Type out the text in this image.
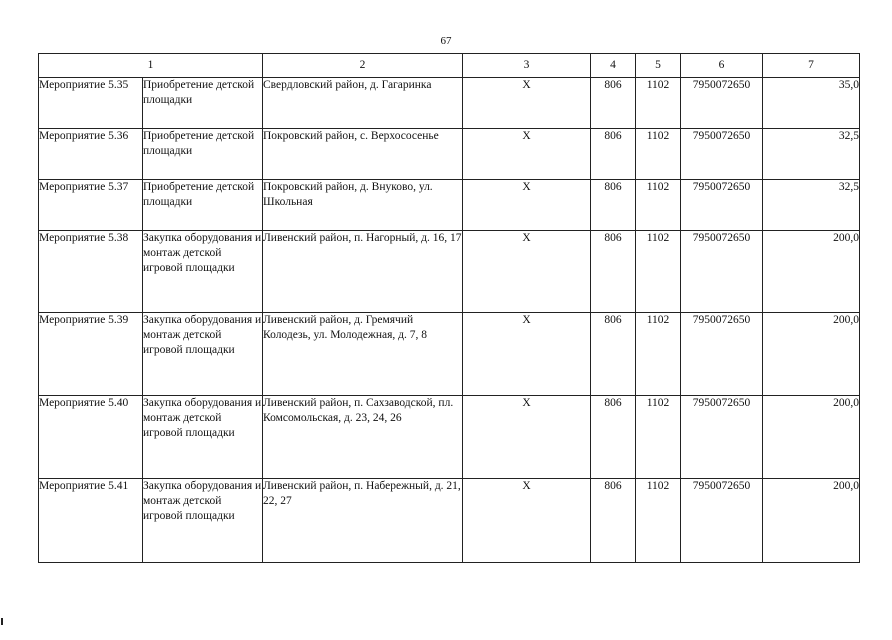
67
1		2	3	4	5	6	7
Мероприятие 5.35	Приобретение детской площадки	Свердловский район, д. Гагаринка	Х	806	1102	7950072650	35,0
Мероприятие 5.36	Приобретение детской площадки	Покровский район, с. Верхососенье	Х	806	1102	7950072650	32,5
Мероприятие 5.37	Приобретение детской площадки	Покровский район, д. Внуково, ул. Школьная	Х	806	1102	7950072650	32,5
Мероприятие 5.38	Закупка оборудования и монтаж детской игровой площадки	Ливенский район, п. Нагорный, д. 16, 17	Х	806	1102	7950072650	200,0
Мероприятие 5.39	Закупка оборудования и монтаж детской игровой площадки	Ливенский район, д. Гремячий Колодезь, ул. Молодежная, д. 7, 8	Х	806	1102	7950072650	200,0
Мероприятие 5.40	Закупка оборудования и монтаж детской игровой площадки	Ливенский район, п. Сахзаводской, пл. Комсомольская, д. 23, 24, 26	Х	806	1102	7950072650	200,0
Мероприятие 5.41	Закупка оборудования и монтаж детской игровой площадки	Ливенский район, п. Набережный, д. 21, 22, 27	Х	806	1102	7950072650	200,0
